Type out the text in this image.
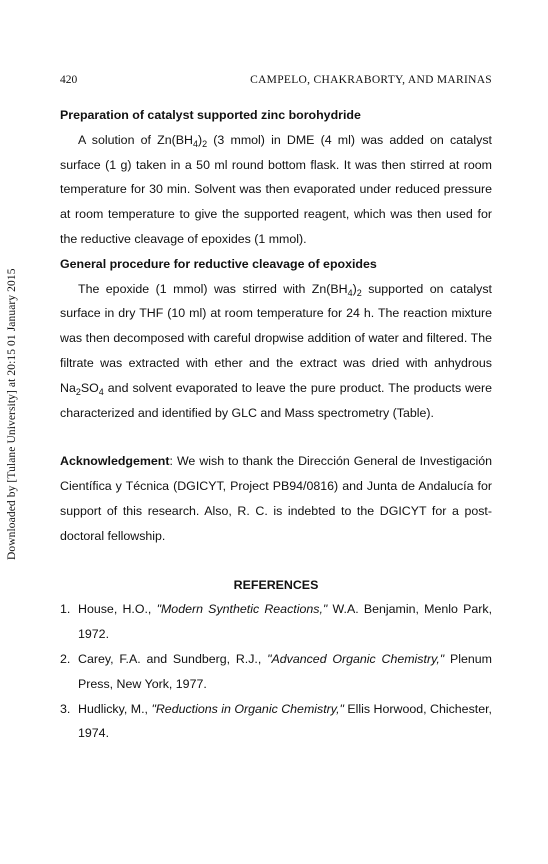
420	CAMPELO, CHAKRABORTY, AND MARINAS
Downloaded by [Tulane University] at 20:15 01 January 2015

Preparation of catalyst supported zinc borohydride

A solution of $Zn(BH_4)_2$ (3 mmol) in DME (4 ml) was added on catalyst surface (1 g) taken in a 50 ml round bottom flask. It was then stirred at room temperature for 30 min. Solvent was then evaporated under reduced pressure at room temperature to give the supported reagent, which was then used for the reductive cleavage of epoxides (1 mmol).

General procedure for reductive cleavage of epoxides

The epoxide (1 mmol) was stirred with $Zn(BH_4)_2$ supported on catalyst surface in dry THF (10 ml) at room temperature for 24 h. The reaction mixture was then decomposed with careful dropwise addition of water and filtered. The filtrate was extracted with ether and the extract was dried with anhydrous $Na_2SO_4$ and solvent evaporated to leave the pure product. The products were characterized and identified by GLC and Mass spectrometry (Table).

Acknowledgement: We wish to thank the Dirección General de Investigación Científica y Técnica (DGICYT, Project PB94/0816) and Junta de Andalucía for support of this research. Also, R. C. is indebted to the DGICYT for a post-doctoral fellowship.

REFERENCES

1. House, H.O., "Modern Synthetic Reactions," W.A. Benjamin, Menlo Park, 1972.
2. Carey, F.A. and Sundberg, R.J., "Advanced Organic Chemistry," Plenum Press, New York, 1977.
3. Hudlicky, M., "Reductions in Organic Chemistry," Ellis Horwood, Chichester, 1974.
